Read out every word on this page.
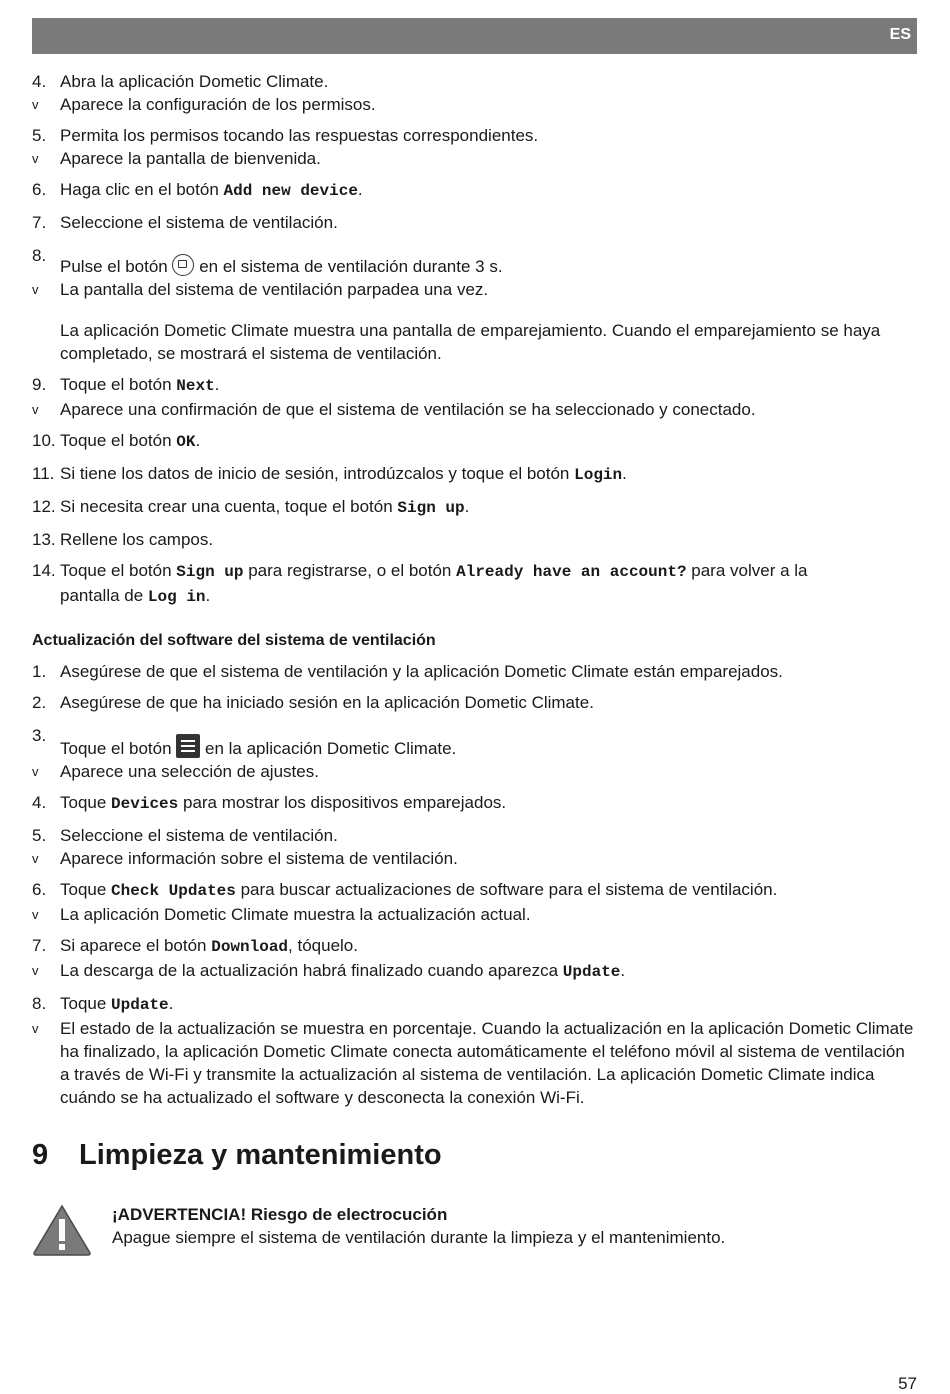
ES
4. Abra la aplicación Dometic Climate.
v Aparece la configuración de los permisos.
5. Permita los permisos tocando las respuestas correspondientes.
v Aparece la pantalla de bienvenida.
6. Haga clic en el botón Add new device.
7. Seleccione el sistema de ventilación.
8.
Pulse el botón  en el sistema de ventilación durante 3 s.
v La pantalla del sistema de ventilación parpadea una vez.
La aplicación Dometic Climate muestra una pantalla de emparejamiento. Cuando el emparejamiento se haya completado, se mostrará el sistema de ventilación.
9. Toque el botón Next.
v Aparece una confirmación de que el sistema de ventilación se ha seleccionado y conectado.
10. Toque el botón OK.
11. Si tiene los datos de inicio de sesión, introdúzcalos y toque el botón Login.
12. Si necesita crear una cuenta, toque el botón Sign up.
13. Rellene los campos.
14. Toque el botón Sign up para registrarse, o el botón Already have an account? para volver a la
pantalla de Log in.
Actualización del software del sistema de ventilación
1. Asegúrese de que el sistema de ventilación y la aplicación Dometic Climate están emparejados.
2. Asegúrese de que ha iniciado sesión en la aplicación Dometic Climate.
3.
Toque el botón  en la aplicación Dometic Climate.
v Aparece una selección de ajustes.
4. Toque Devices para mostrar los dispositivos emparejados.
5. Seleccione el sistema de ventilación.
v Aparece información sobre el sistema de ventilación.
6. Toque Check Updates para buscar actualizaciones de software para el sistema de ventilación.
v La aplicación Dometic Climate muestra la actualización actual.
7. Si aparece el botón Download, tóquelo.
v La descarga de la actualización habrá finalizado cuando aparezca Update.
8. Toque Update.
v El estado de la actualización se muestra en porcentaje. Cuando la actualización en la aplicación Dometic Climate
ha finalizado, la aplicación Dometic Climate conecta automáticamente el teléfono móvil al sistema de ventilación
a través de Wi-Fi y transmite la actualización al sistema de ventilación. La aplicación Dometic Climate indica
cuándo se ha actualizado el software y desconecta la conexión Wi-Fi.
9	Limpieza y mantenimiento
¡ADVERTENCIA! Riesgo de electrocución
Apague siempre el sistema de ventilación durante la limpieza y el mantenimiento.
57
